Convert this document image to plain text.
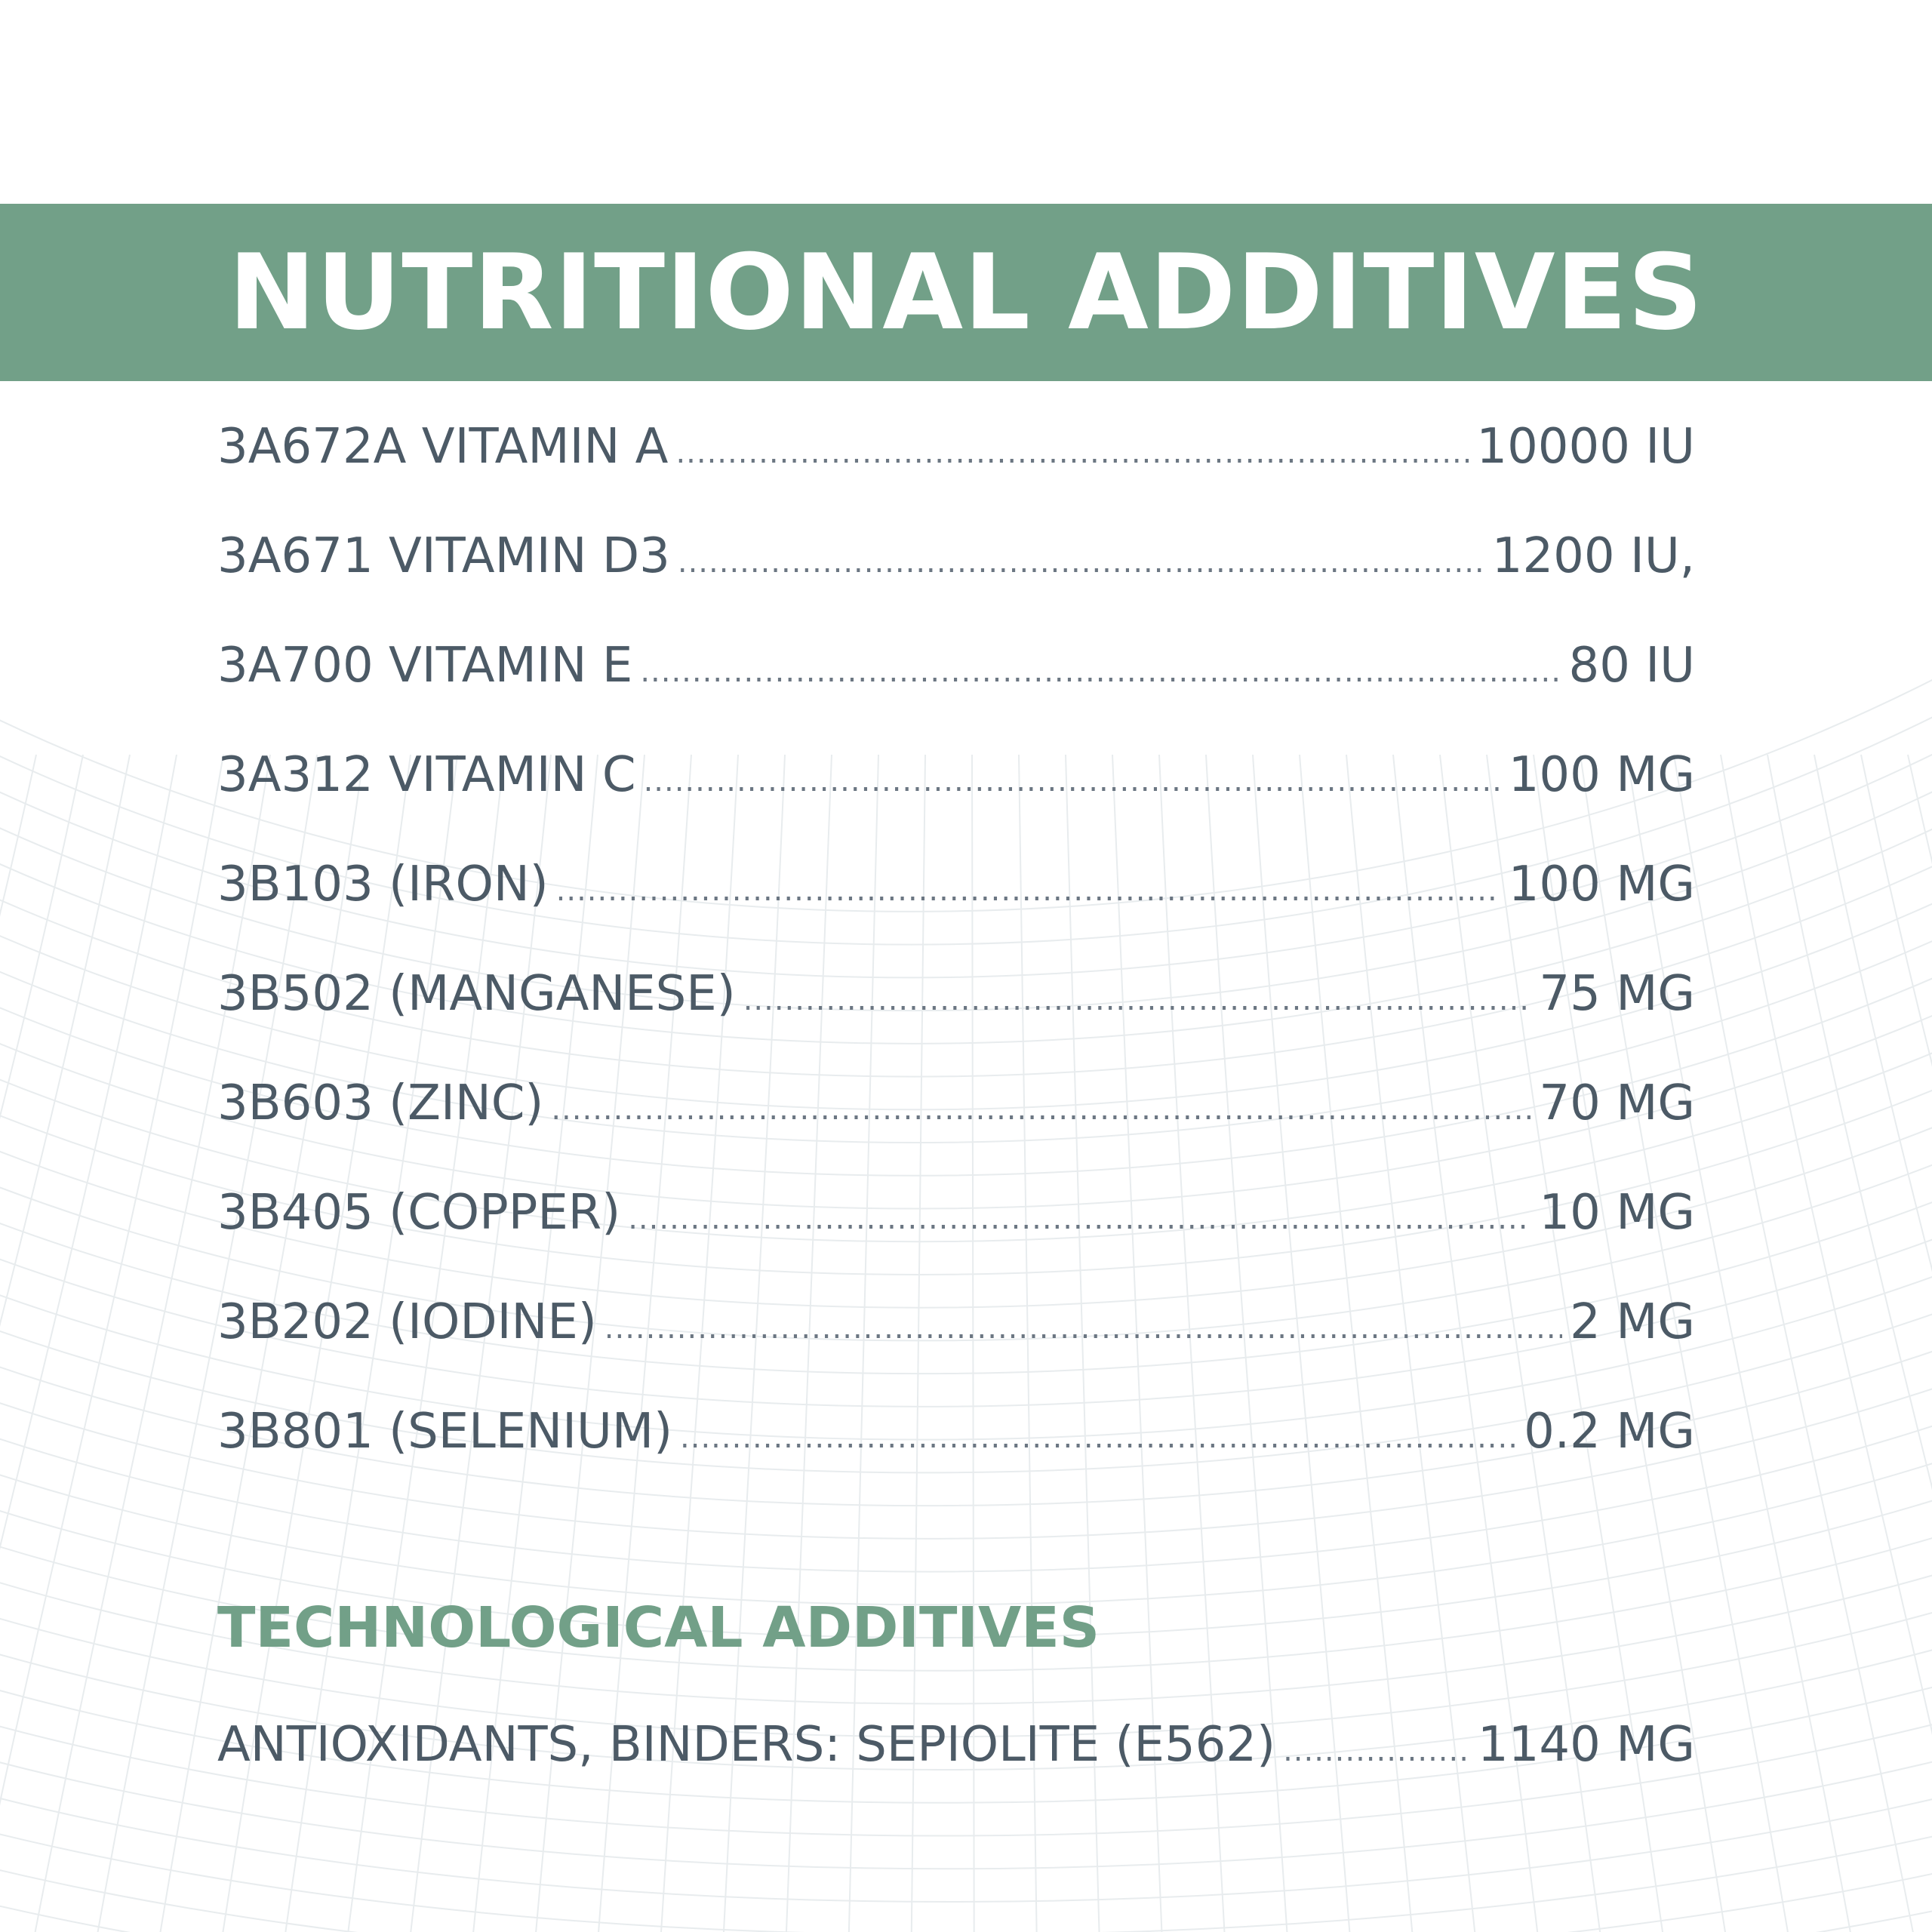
NUTRITIONAL ADDITIVES
3A672A VITAMIN A .....	10000 IU
3A671 VITAMIN D3 .....	1200 IU,
3A700 VITAMIN E .....	80 IU
3A312 VITAMIN C .....	100 MG
3B103 (IRON) .....	100 MG
3B502 (MANGANESE) .....	75 MG
3B603 (ZINC) .....	70 MG
3B405 (COPPER) .....	10 MG
3B202 (IODINE) .....	2 MG
3B801 (SELENIUM) .....	0.2 MG
TECHNOLOGICAL ADDITIVES
ANTIOXIDANTS, BINDERS: SEPIOLITE (E562) .....	1140 MG
